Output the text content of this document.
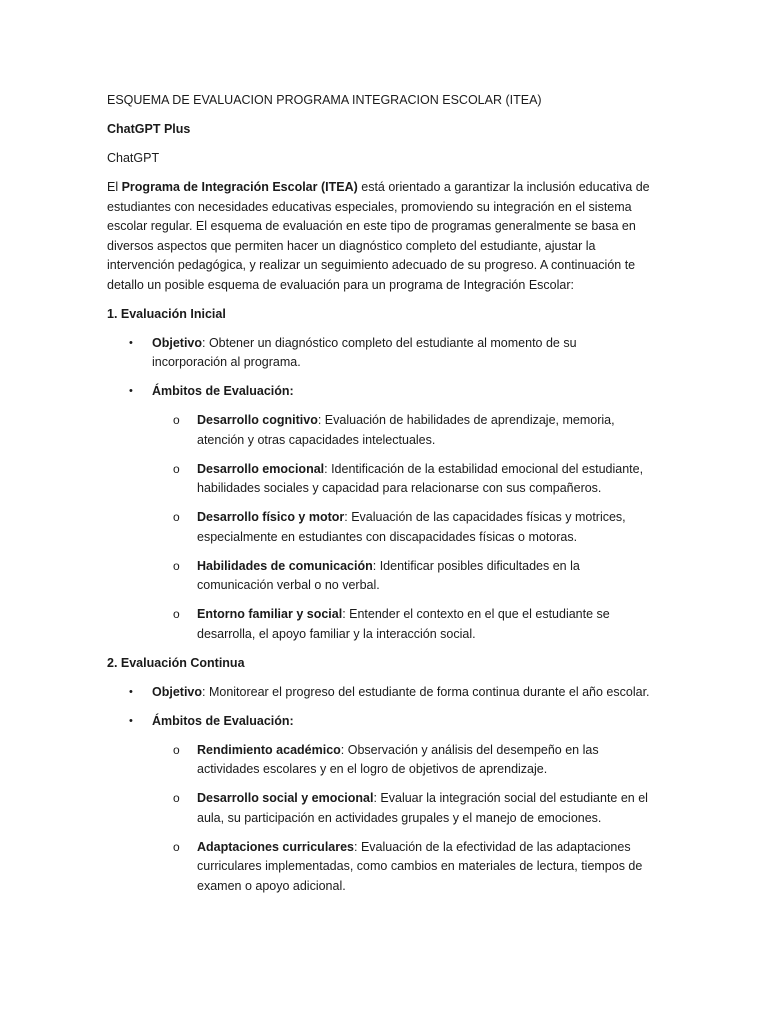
ESQUEMA DE EVALUACION PROGRAMA INTEGRACION ESCOLAR (ITEA)

ChatGPT Plus

ChatGPT

El Programa de Integración Escolar (ITEA) está orientado a garantizar la inclusión educativa de estudiantes con necesidades educativas especiales, promoviendo su integración en el sistema escolar regular. El esquema de evaluación en este tipo de programas generalmente se basa en diversos aspectos que permiten hacer un diagnóstico completo del estudiante, ajustar la intervención pedagógica, y realizar un seguimiento adecuado de su progreso. A continuación te detallo un posible esquema de evaluación para un programa de Integración Escolar:

1. Evaluación Inicial

• Objetivo: Obtener un diagnóstico completo del estudiante al momento de su incorporación al programa.
• Ámbitos de Evaluación:
o Desarrollo cognitivo: Evaluación de habilidades de aprendizaje, memoria, atención y otras capacidades intelectuales.
o Desarrollo emocional: Identificación de la estabilidad emocional del estudiante, habilidades sociales y capacidad para relacionarse con sus compañeros.
o Desarrollo físico y motor: Evaluación de las capacidades físicas y motrices, especialmente en estudiantes con discapacidades físicas o motoras.
o Habilidades de comunicación: Identificar posibles dificultades en la comunicación verbal o no verbal.
o Entorno familiar y social: Entender el contexto en el que el estudiante se desarrolla, el apoyo familiar y la interacción social.

2. Evaluación Continua

• Objetivo: Monitorear el progreso del estudiante de forma continua durante el año escolar.
• Ámbitos de Evaluación:
o Rendimiento académico: Observación y análisis del desempeño en las actividades escolares y en el logro de objetivos de aprendizaje.
o Desarrollo social y emocional: Evaluar la integración social del estudiante en el aula, su participación en actividades grupales y el manejo de emociones.
o Adaptaciones curriculares: Evaluación de la efectividad de las adaptaciones curriculares implementadas, como cambios en materiales de lectura, tiempos de examen o apoyo adicional.
